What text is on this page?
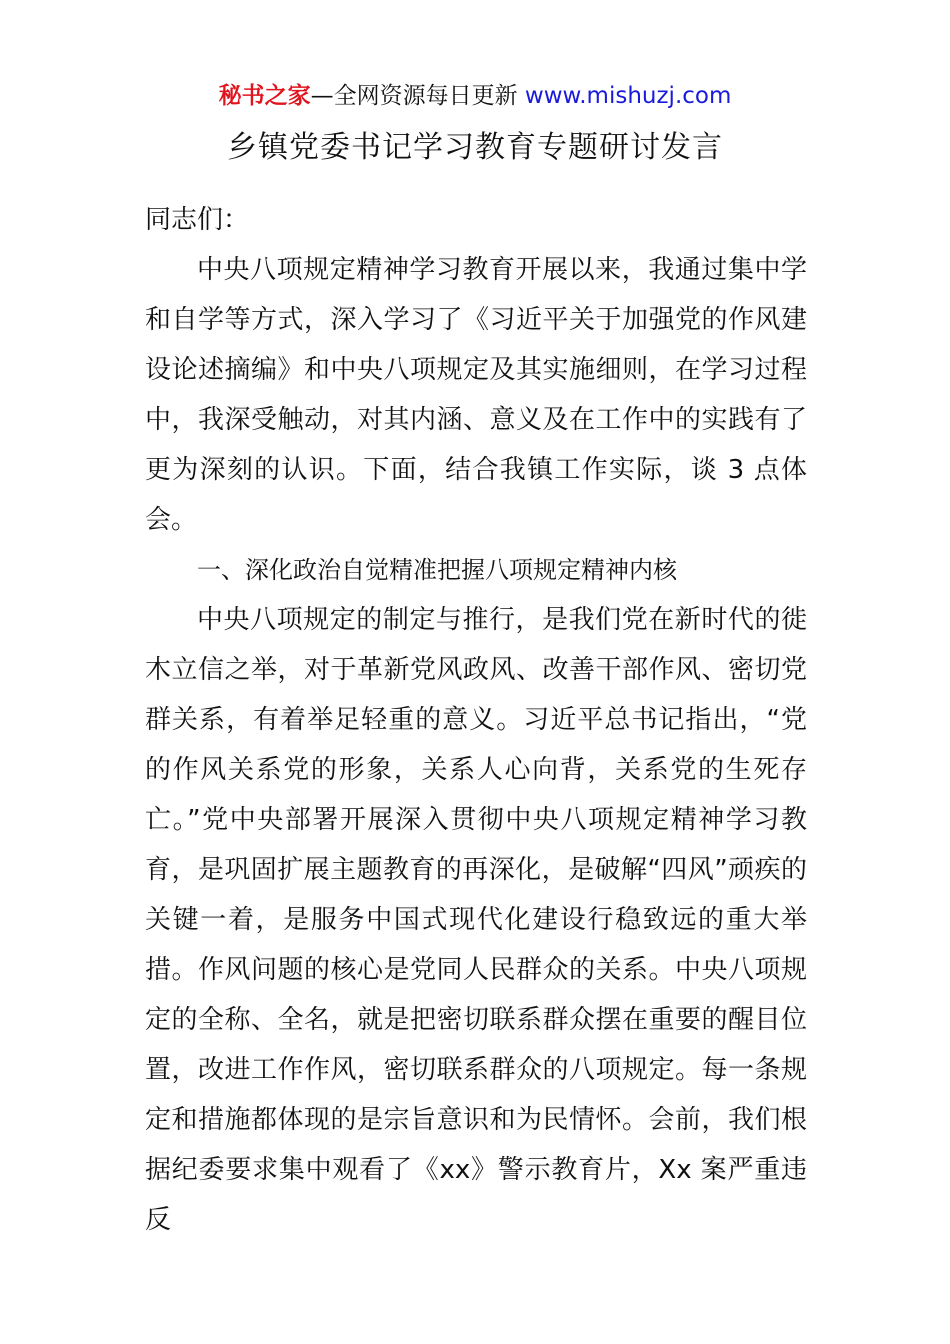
秘书之家—全网资源每日更新 www.mishuzj.com
乡镇党委书记学习教育专题研讨发言

同志们：

中央八项规定精神学习教育开展以来，我通过集中学和自学等方式，深入学习了《习近平关于加强党的作风建设论述摘编》和中央八项规定及其实施细则，在学习过程中，我深受触动，对其内涵、意义及在工作中的实践有了更为深刻的认识。下面，结合我镇工作实际，谈 3 点体会。

一、深化政治自觉精准把握八项规定精神内核

中央八项规定的制定与推行，是我们党在新时代的徙木立信之举，对于革新党风政风、改善干部作风、密切党群关系，有着举足轻重的意义。习近平总书记指出，“党的作风关系党的形象，关系人心向背，关系党的生死存亡。”党中央部署开展深入贯彻中央八项规定精神学习教育，是巩固扩展主题教育的再深化，是破解“四风”顽疾的关键一着，是服务中国式现代化建设行稳致远的重大举措。作风问题的核心是党同人民群众的关系。中央八项规定的全称、全名，就是把密切联系群众摆在重要的醒目位置，改进工作作风，密切联系群众的八项规定。每一条规定和措施都体现的是宗旨意识和为民情怀。会前，我们根据纪委要求集中观看了《xx》警示教育片，Xx 案严重违反
